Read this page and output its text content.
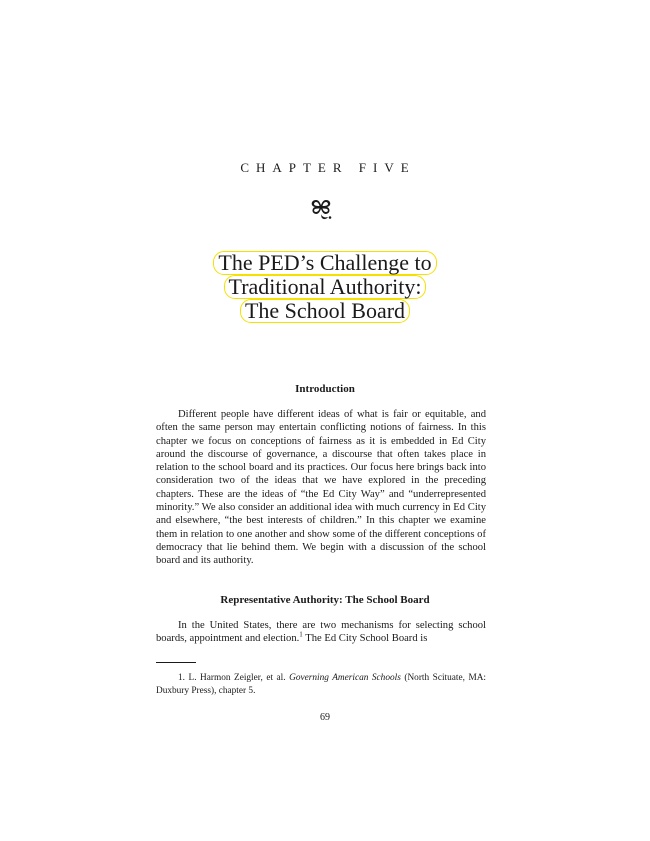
CHAPTER FIVE
The PED’s Challenge to
Traditional Authority:
The School Board
Introduction

Different people have different ideas of what is fair or equitable, and often the same person may entertain conflicting notions of fairness. In this chapter we focus on conceptions of fairness as it is embedded in Ed City around the discourse of governance, a discourse that often takes place in relation to the school board and its practices. Our focus here brings back into consideration two of the ideas that we have explored in the preceding chapters. These are the ideas of “the Ed City Way” and “underrepresented minority.” We also consider an additional idea with much currency in Ed City and elsewhere, “the best interests of children.” In this chapter we examine them in relation to one another and show some of the different conceptions of democracy that lie behind them. We begin with a discussion of the school board and its authority.

Representative Authority: The School Board

In the United States, there are two mechanisms for selecting school boards, appointment and election.$^1$ The Ed City School Board is

1. L. Harmon Zeigler, et al. Governing American Schools (North Scituate, MA: Duxbury Press), chapter 5.

69
